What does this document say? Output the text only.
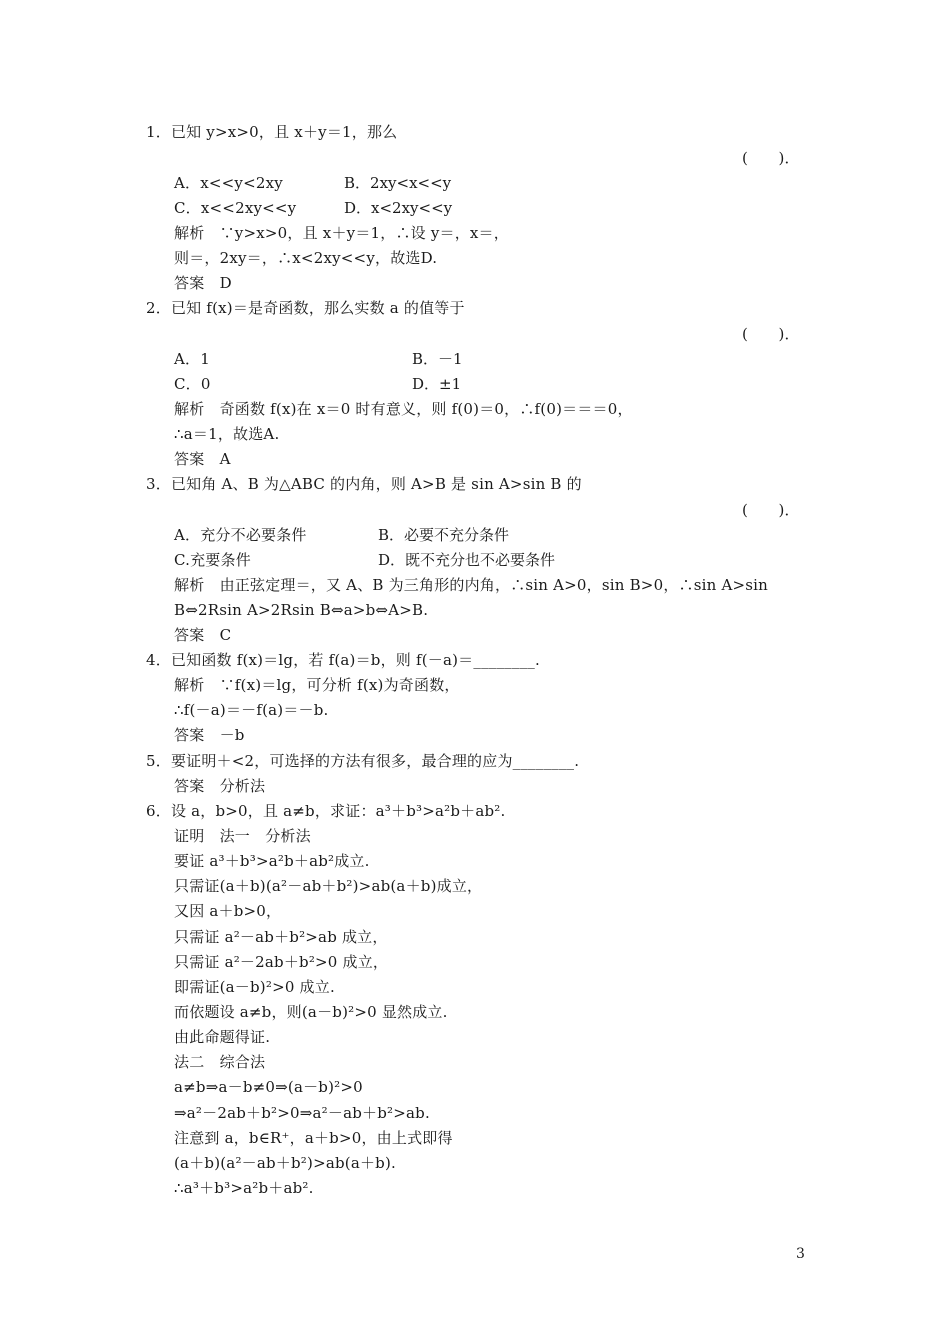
1．已知 y>x>0，且 x＋y＝1，那么
(　　)．
A．x<<y<2xy	B．2xy<x<<y
C．x<<2xy<<y	D．x<2xy<<y
解析　∵y>x>0，且 x＋y＝1，∴设 y＝，x＝，
则＝，2xy＝，∴x<2xy<<y，故选D.
答案　D
2．已知 f(x)＝是奇函数，那么实数 a 的值等于
(　　)．
A．1	B．－1
C．0	D．±1
解析　奇函数 f(x)在 x＝0 时有意义，则 f(0)＝0，∴f(0)＝＝＝0，
∴a＝1，故选A.
答案　A
3．已知角 A、B 为△ABC 的内角，则 A>B 是 sin A>sin B 的
(　　)．
A．充分不必要条件	B．必要不充分条件
C.充要条件	D．既不充分也不必要条件
解析　由正弦定理＝，又 A、B 为三角形的内角，∴sin A>0，sin B>0，∴sin A>sin
B⇔2Rsin A>2Rsin B⇔a>b⇔A>B.
答案　C
4．已知函数 f(x)＝lg，若 f(a)＝b，则 f(－a)＝________.
解析　∵f(x)＝lg，可分析 f(x)为奇函数，
∴f(－a)＝－f(a)＝－b.
答案　－b
5．要证明＋<2，可选择的方法有很多，最合理的应为________.
答案　分析法
6．设 a，b>0，且 a≠b，求证：a³＋b³>a²b＋ab².
证明　法一　分析法
要证 a³＋b³>a²b＋ab²成立.
只需证(a＋b)(a²－ab＋b²)>ab(a＋b)成立，
又因 a＋b>0，
只需证 a²－ab＋b²>ab 成立，
只需证 a²－2ab＋b²>0 成立，
即需证(a－b)²>0 成立.
而依题设 a≠b，则(a－b)²>0 显然成立.
由此命题得证.
法二　综合法
a≠b⇒a－b≠0⇒(a－b)²>0
⇒a²－2ab＋b²>0⇒a²－ab＋b²>ab.
注意到 a，b∈R⁺，a＋b>0，由上式即得
(a＋b)(a²－ab＋b²)>ab(a＋b).
∴a³＋b³>a²b＋ab².
3
